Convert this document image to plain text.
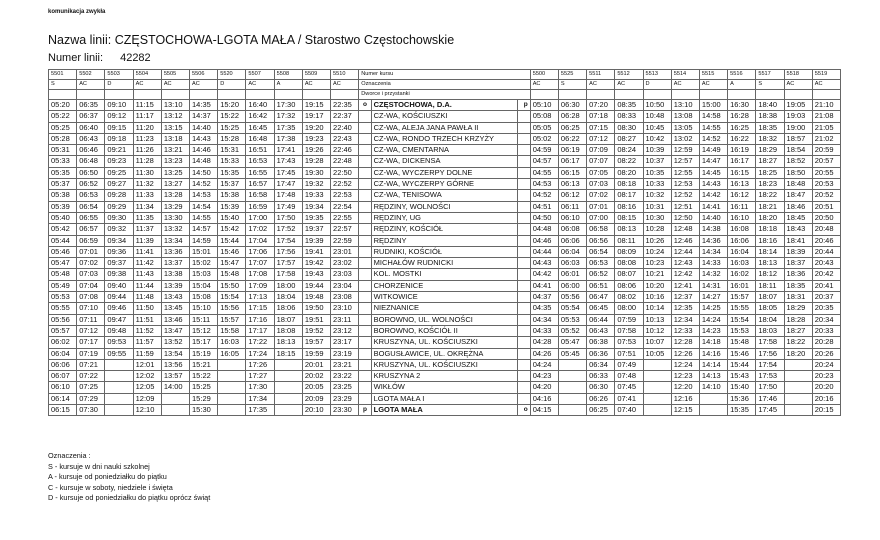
komunikacja zwykła
Nazwa linii: CZĘSTOCHOWA-LGOTA MAŁA / Starostwo Częstochowskie
Numer linii: 42282
5501	5502	5503	5504	5505	5506	5520	5507	5508	5509	5510	Numer kursu			5500	5525	5511	5512	5513	5514	5515	5516	5517	5518	5519
S	AC	D	AC	AC	AC	D	AC	A	AC	AC	Oznaczenia			AC	S	AC	AC	D	AC	AC	A	S	AC	AC
											Dworce i przystanki													
05:20	06:35	09:10	11:15	13:10	14:35	15:20	16:40	17:30	19:15	22:35	o	CZĘSTOCHOWA, D.A.	p	05:10	06:30	07:20	08:35	10:50	13:10	15:00	16:30	18:40	19:05	21:10
05:22	06:37	09:12	11:17	13:12	14:37	15:22	16:42	17:32	19:17	22:37		CZ-WA, KOŚCIUSZKI		05:08	06:28	07:18	08:33	10:48	13:08	14:58	16:28	18:38	19:03	21:08
05:25	06:40	09:15	11:20	13:15	14:40	15:25	16:45	17:35	19:20	22:40		CZ-WA, ALEJA JANA PAWŁA II		05:05	06:25	07:15	08:30	10:45	13:05	14:55	16:25	18:35	19:00	21:05
05:28	06:43	09:18	11:23	13:18	14:43	15:28	16:48	17:38	19:23	22:43		CZ-WA, RONDO TRZECH KRZYŻY		05:02	06:22	07:12	08:27	10:42	13:02	14:52	16:22	18:32	18:57	21:02
05:31	06:46	09:21	11:26	13:21	14:46	15:31	16:51	17:41	19:26	22:46		CZ-WA, CMENTARNA		04:59	06:19	07:09	08:24	10:39	12:59	14:49	16:19	18:29	18:54	20:59
05:33	06:48	09:23	11:28	13:23	14:48	15:33	16:53	17:43	19:28	22:48		CZ-WA, DICKENSA		04:57	06:17	07:07	08:22	10:37	12:57	14:47	16:17	18:27	18:52	20:57
05:35	06:50	09:25	11:30	13:25	14:50	15:35	16:55	17:45	19:30	22:50		CZ-WA, WYCZERPY DOLNE		04:55	06:15	07:05	08:20	10:35	12:55	14:45	16:15	18:25	18:50	20:55
05:37	06:52	09:27	11:32	13:27	14:52	15:37	16:57	17:47	19:32	22:52		CZ-WA, WYCZERPY GÓRNE		04:53	06:13	07:03	08:18	10:33	12:53	14:43	16:13	18:23	18:48	20:53
05:38	06:53	09:28	11:33	13:28	14:53	15:38	16:58	17:48	19:33	22:53		CZ-WA, TENISOWA		04:52	06:12	07:02	08:17	10:32	12:52	14:42	16:12	18:22	18:47	20:52
05:39	06:54	09:29	11:34	13:29	14:54	15:39	16:59	17:49	19:34	22:54		RĘDZINY, WOLNOŚCI		04:51	06:11	07:01	08:16	10:31	12:51	14:41	16:11	18:21	18:46	20:51
05:40	06:55	09:30	11:35	13:30	14:55	15:40	17:00	17:50	19:35	22:55		RĘDZINY, UG		04:50	06:10	07:00	08:15	10:30	12:50	14:40	16:10	18:20	18:45	20:50
05:42	06:57	09:32	11:37	13:32	14:57	15:42	17:02	17:52	19:37	22:57		RĘDZINY, KOŚCIÓŁ		04:48	06:08	06:58	08:13	10:28	12:48	14:38	16:08	18:18	18:43	20:48
05:44	06:59	09:34	11:39	13:34	14:59	15:44	17:04	17:54	19:39	22:59		RĘDZINY		04:46	06:06	06:56	08:11	10:26	12:46	14:36	16:06	18:16	18:41	20:46
05:46	07:01	09:36	11:41	13:36	15:01	15:46	17:06	17:56	19:41	23:01		RUDNIKI, KOŚCIÓŁ		04:44	06:04	06:54	08:09	10:24	12:44	14:34	16:04	18:14	18:39	20:44
05:47	07:02	09:37	11:42	13:37	15:02	15:47	17:07	17:57	19:42	23:02		MICHAŁÓW RUDNICKI		04:43	06:03	06:53	08:08	10:23	12:43	14:33	16:03	18:13	18:37	20:43
05:48	07:03	09:38	11:43	13:38	15:03	15:48	17:08	17:58	19:43	23:03		KOL. MOSTKI		04:42	06:01	06:52	08:07	10:21	12:42	14:32	16:02	18:12	18:36	20:42
05:49	07:04	09:40	11:44	13:39	15:04	15:50	17:09	18:00	19:44	23:04		CHORZENICE		04:41	06:00	06:51	08:06	10:20	12:41	14:31	16:01	18:11	18:35	20:41
05:53	07:08	09:44	11:48	13:43	15:08	15:54	17:13	18:04	19:48	23:08		WITKOWICE		04:37	05:56	06:47	08:02	10:16	12:37	14:27	15:57	18:07	18:31	20:37
05:55	07:10	09:46	11:50	13:45	15:10	15:56	17:15	18:06	19:50	23:10		NIEZNANICE		04:35	05:54	06:45	08:00	10:14	12:35	14:25	15:55	18:05	18:29	20:35
05:56	07:11	09:47	11:51	13:46	15:11	15:57	17:16	18:07	19:51	23:11		BOROWNO, UL. WOLNOŚCI		04:34	05:53	06:44	07:59	10:13	12:34	14:24	15:54	18:04	18:28	20:34
05:57	07:12	09:48	11:52	13:47	15:12	15:58	17:17	18:08	19:52	23:12		BOROWNO, KOŚCIÓŁ II		04:33	05:52	06:43	07:58	10:12	12:33	14:23	15:53	18:03	18:27	20:33
06:02	07:17	09:53	11:57	13:52	15:17	16:03	17:22	18:13	19:57	23:17		KRUSZYNA, UL. KOŚCIUSZKI		04:28	05:47	06:38	07:53	10:07	12:28	14:18	15:48	17:58	18:22	20:28
06:04	07:19	09:55	11:59	13:54	15:19	16:05	17:24	18:15	19:59	23:19		BOGUSŁAWICE, UL. OKRĘŻNA		04:26	05:45	06:36	07:51	10:05	12:26	14:16	15:46	17:56	18:20	20:26
06:06	07:21		12:01	13:56	15:21		17:26		20:01	23:21		KRUSZYNA, UL. KOŚCIUSZKI		04:24		06:34	07:49		12:24	14:14	15:44	17:54		20:24
06:07	07:22		12:02	13:57	15:22		17:27		20:02	23:22		KRUSZYNA 2		04:23		06:33	07:48		12:23	14:13	15:43	17:53		20:23
06:10	07:25		12:05	14:00	15:25		17:30		20:05	23:25		WIKŁÓW		04:20		06:30	07:45		12:20	14:10	15:40	17:50		20:20
06:14	07:29		12:09		15:29		17:34		20:09	23:29		LGOTA MAŁA I		04:16		06:26	07:41		12:16		15:36	17:46		20:16
06:15	07:30		12:10		15:30		17:35		20:10	23:30	p	LGOTA MAŁA	o	04:15		06:25	07:40		12:15		15:35	17:45		20:15
Oznaczenia :
S - kursuje w dni nauki szkolnej
A - kursuje od poniedziałku do piątku
C - kursuje w soboty, niedziele i święta
D - kursuje od poniedziałku do piątku oprócz świąt
